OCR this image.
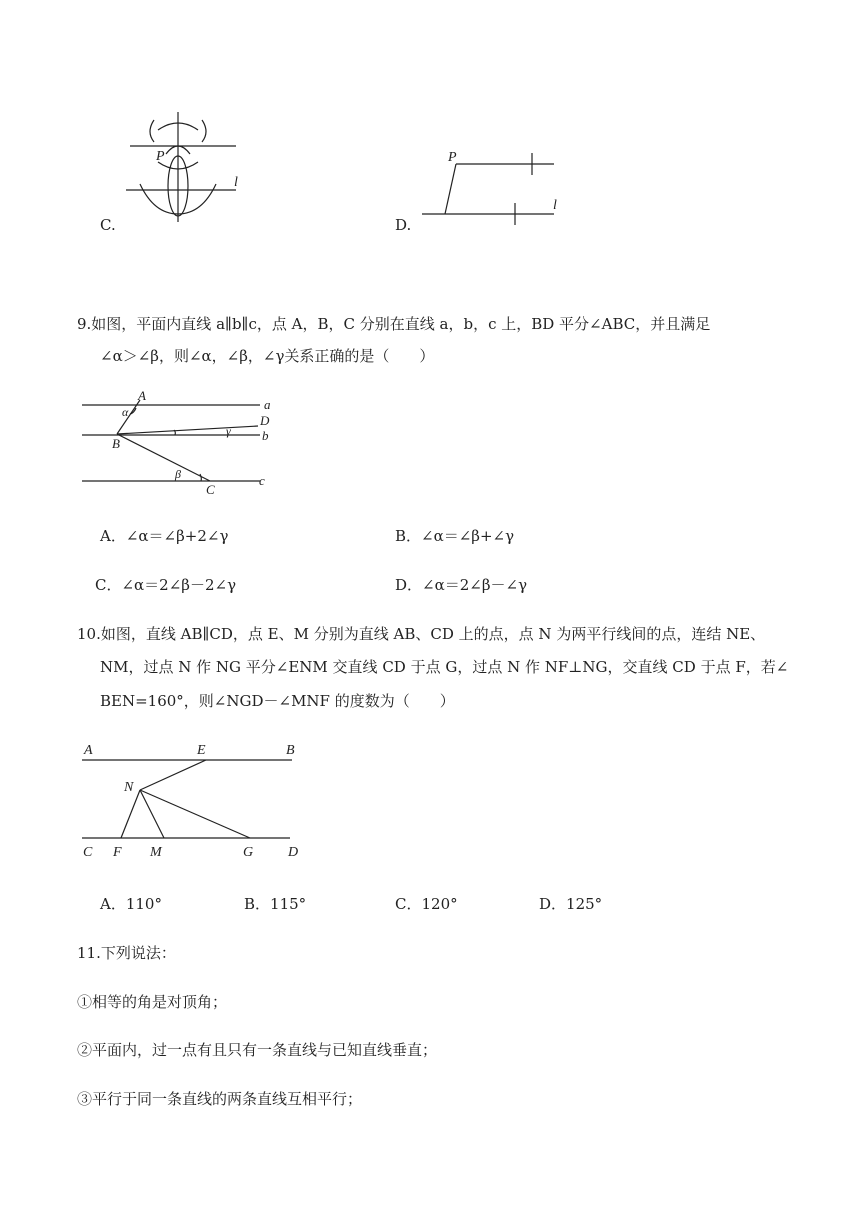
P
l
C.
P
l
D.
9.如图，平面内直线 a∥b∥c，点 A，B，C 分别在直线 a，b，c 上，BD 平分∠ABC，并且满足
∠α＞∠β，则∠α，∠β，∠γ关系正确的是（　　）
A
α	a
D
γ b
B
β
C
c
A．∠α＝∠β+2∠γ	B．∠α＝∠β+∠γ
C．∠α＝2∠β－2∠γ	D．∠α＝2∠β－∠γ
10.如图，直线 AB∥CD，点 E、M 分别为直线 AB、CD 上的点，点 N 为两平行线间的点，连结 NE、
NM，过点 N 作 NG 平分∠ENM 交直线 CD 于点 G，过点 N 作 NF⊥NG，交直线 CD 于点 F，若∠
BEN=160°，则∠NGD－∠MNF 的度数为（　　）
A	E	B
N
C F M	G D
A．110°	B．115°	C．120°	D．125°
11.下列说法：
①相等的角是对顶角；
②平面内，过一点有且只有一条直线与已知直线垂直；
③平行于同一条直线的两条直线互相平行；
